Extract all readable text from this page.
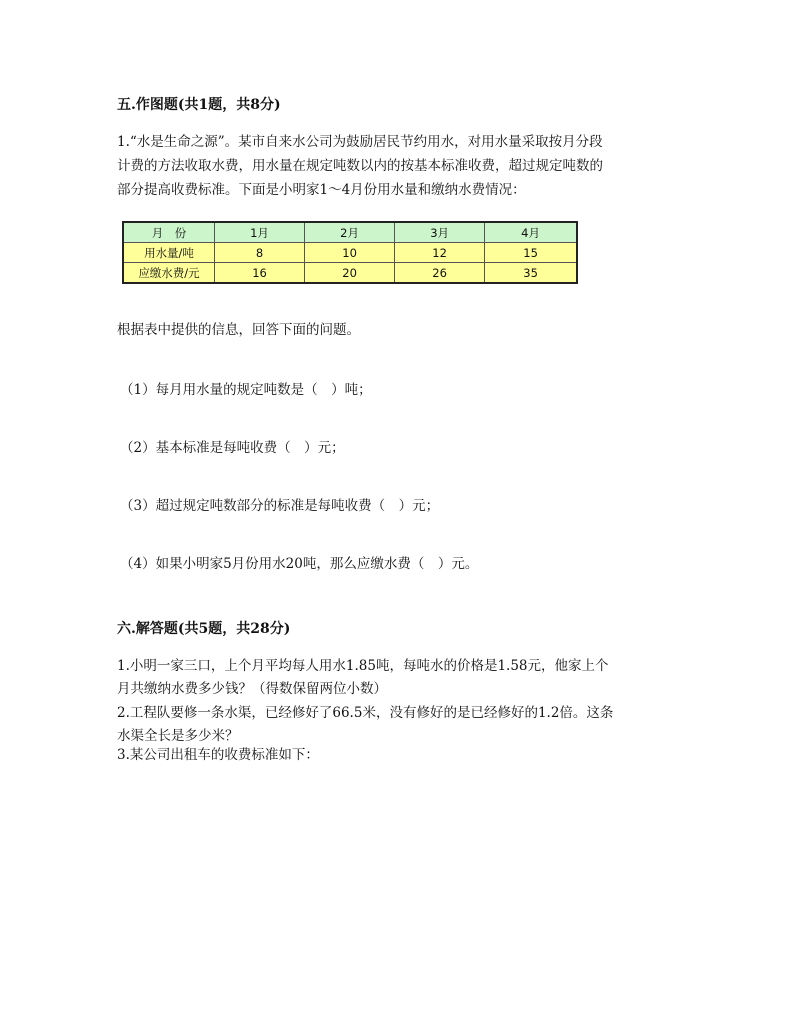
五.作图题(共1题，共8分)
1.“水是生命之源”。某市自来水公司为鼓励居民节约用水，对用水量采取按月分段
计费的方法收取水费，用水量在规定吨数以内的按基本标准收费，超过规定吨数的
部分提高收费标准。下面是小明家1～4月份用水量和缴纳水费情况：
月　份	1月	2月	3月	4月
用水量/吨	8	10	12	15
应缴水费/元	16	20	26	35
根据表中提供的信息，回答下面的问题。
（1）每月用水量的规定吨数是（　）吨；
（2）基本标准是每吨收费（　）元；
（3）超过规定吨数部分的标准是每吨收费（　）元；
（4）如果小明家5月份用水20吨，那么应缴水费（　）元。
六.解答题(共5题，共28分)
1.小明一家三口，上个月平均每人用水1.85吨，每吨水的价格是1.58元，他家上个
月共缴纳水费多少钱？（得数保留两位小数）
2.工程队要修一条水渠，已经修好了66.5米，没有修好的是已经修好的1.2倍。这条
水渠全长是多少米？
3.某公司出租车的收费标准如下：
